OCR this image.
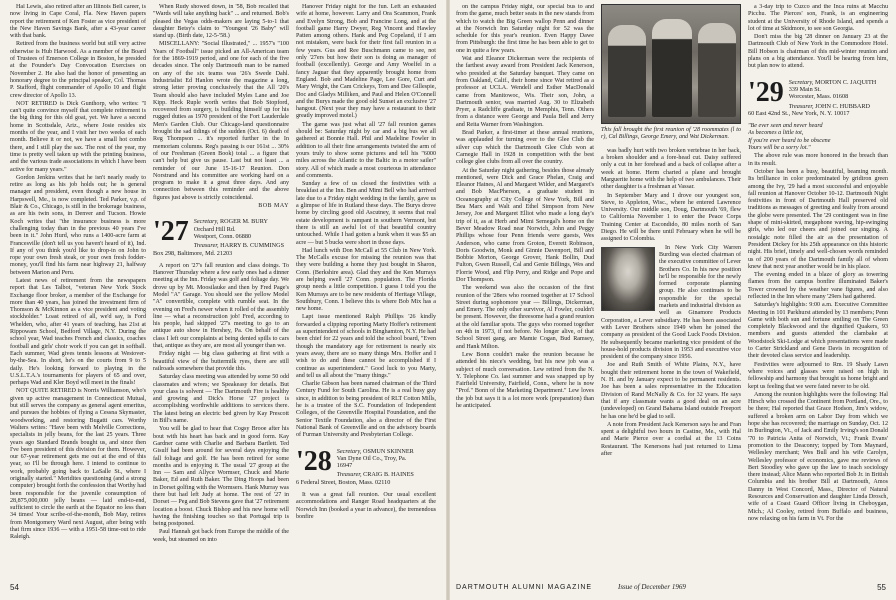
Hal Lewis, also retired after an Illinois Bell career, is now living in Cape Coral, Fla. New Haven papers report the retirement of Ken Foster as vice president of the New Haven Savings Bank, after a 43-year career with that bank.

Retired from the business world but still very active otherwise is Hub Harwood. As a member of the Board of Trustees of Emerson College in Boston, he presided at the Founder's Day Convocation Exercises on November 2. He also had the honor of presenting an honorary degree to the principal speaker, Col. Thomas P. Stafford, flight commander of Apollo 10 and flight crew director of Apollo 13.

NOT RETIRED is Dick Gunthorp, who writes: "I can't quite convince myself that complete retirement is the big thing for this old goat, yet. We have a second home in Scottsdale, Ariz., where Josie resides six months of the year, and I visit her two weeks of each month. Believe it or not, we have a small hot combo there, and I still play the sax. The rest of the year, my time is pretty well taken up with the printing business, and the various trade associations in which I have been active for many years."

Gordon Jenkins writes that he isn't nearly ready to retire as long as his job holds out; he is general manager and president, even though a new house in Harpswell, Me., is now completed. Ted Parker, v.p. of Blair & Co., Chicago, is still in the brokerage business, as are his twin sons, in Denver and Tucson. Howie Koch writes that "the insurance business is more challenging today than in the previous 40 years I've been in it." John Hurd, who runs a 1400-acre farm at Francesville (don't tell us you haven't heard of it), Ind. If any of you think you'd like to drop-in on John to rope your own fresh steak, or your own fresh fodder-money, you'll find his farm near highway 21, halfway between Marion and Peru.

Latest news of retirement from the newspapers report that Les Talbot, "veteran New York Stock Exchange floor broker, a member of the Exchange for more than 40 years, has joined the investment firm of Thomson & McKinnon as a vice president and voting stockholder." Loast retired of all, we'd say, is Ford Whelden, who, after 41 years of teaching, has 21st at Rippowam School, Bedford Village, N.Y. During the school year, Wad teaches French and classics, coaches football and girls' choir work if you can get in softball. Each summer, Wad gives tennis lessons at Westover-by-the-Sea. In short, he's on the courts from 9 to 5 daily. He's looking forward to playing in the U.S.L.T.A.'s tournaments for players of 65 and over, perhaps Wad and Kler Boyd will meet in the finals!

NOT QUITE RETIRED is Norris Williamson, who's given up active management in Connecticut Mutual, but still serves the company as general agent emeritus, and pursues the hobbies of flying a Cessna Skymaster, woodworking, and restoring Bugatti cars. Worthy Walters writes: "Have been with Melville Corrections, specialists in jelly beans, for the last 25 years. Three years ago Standard Brands bought us, and since then I've been president of this division for them. However, our 67-year retirement gets me out at the end of this year, so I'll be through here. I intend to continue to work, probably going back to LaSalle St., where I originally started." Meridites questioning (and a strong computer) brought forth the confession that Worthy had been responsible for the juvenile consumption of 28,875,000,000 jelly beans — laid end-to-end, sufficient to circle the earth at the Equator no less than 34 times! Your scribe-of-the-month, Bob May, retires from Montgomery Ward next August, after being with that firm since 1936 — with a 1951-58 time-out to ride Raleigh.

When Rudy showed down, in '58, Bob recalled that "Wards will take anything back" ... and returned. Bob's pleased the Vegas odds-makers are laying 5-to-1 that daughter Betsy's claim to "Youngest '26 Baby" will stand up. (Birth date, 12-5-'58.)

MISCELLANY: "Social Illustrated," ... 1957's "100 Years of Football" issue picked an All-American team for the 1869-1919 period, and one for each of the five decades since. The only Dartmouth man to be named on any of the six teams was '26's Swede Dahl. Industrialist Ed Hanlon wrote the magazine a long, strong letter proving conclusively that the All '20's Team should also have included Myles Lane and Joe Kipp. Heck Ruple worth writes that Bob Stopford, recovered from surgery, is building himself up for his rugged duties as 1970 president of the Fort Lauderdale Men's Garden Club. Our Chicago-land questionnaire brought the sad tidings of the sudden (Oct. 6) death of Reg Thompson ... it's reported further in the In memoriam columns. Reg's passing is our 161st ... 30% of our Freshman (Green Book) total ... a figure that can't help but give us pause. Last but not least ... a reminder of our June 15-16-17 Reunion. Don Norstrand and his committee are working hard on a program to make it a great three days. And any connection between this reminder and the above figures just above is strictly coincidental.

BOB MAY
'27 Secretary, ROGER M. BURY
Orchard Hill Rd.
Westport, Conn. 06880
Treasurer, HARRY B. CUMMINGS
Box 298, Baltimore, Md. 21203

A report on '27's fall reunion and class doings. To Hanover Thursday where a few early ones had a dinner meeting at the Inn. Friday was golf and foliage day. We drove up by Mt. Moosilauke and then by Fred Page's Model "A" Garage. You should see the yellow Model "A" convertible, complete with rumble seat. In the evening on Fred's newer when it rolled of the assembly line — what a reconstruction job! Fred, according to his people, had skipped '27's meeting to go to an antique auto show in Hershey, Pa. On behalf of the class I left our complaints at being denied spills to cars that, antique as they are, are most all younger than we.

Friday night — big class gathering at first with a beautiful view of the buttermilk ryes, there are still railroads somewhere that provide this.

Saturday class meeting was attended by some 50 odd classmates and wives; we Speakeasy for details. But your class is solvent — The Dartmouth Fire is healthy and growing and Dick's Horse '27 project is accomplishing worthwhile additions to services there. The latest being an electric bed given by Kay Prescott in Bill's name.

You will be glad to hear that Cogsy Brooe after his bout with his heart has back and in good form. Kay Gardner came with Charlie and Barbara Bartlett. Ted Gisulf had been around for several days enjoying the fall foliage and golf. He has been retired for some months and is enjoying it. The usual '27 group at the Inn — Sam and Allyce Wormser, Chuck and Marie Baker, Ed and Ruth Baker. The Ding Hoops had been in Dorset golfing with the Wormsers. Hank Murray was there but had left Judy at home. The rest of '27 in Dorset — Peg and Bob Stevens gave that '27 retirement location a boost. Chuck Bishop and his new home will having the finishing touches so that Portugal trip is being postponed.

Paul Hannah got back from Europe the middle of the week, but steamed on into

Hanover Friday night for the fun. Left an exhausted wife at home, however. Larry and Ora Scammon, Frank and Evelyn Strong, Bob and Francine Long, and at the football game Harry Dwyer, Reg Vincent and Hawley Patten among others. Hank and Peg Copeland, if I am not mistaken, were back for their first fall reunion in a few years. Gus and Ree Buschmann came to see, not only '27ers but how their son is doing as manager of football (excellently). George and Amy Woelfel in a fancy Jaguar that they apparently brought home from England. Bob and Madeline Page, Lee Gore, Curt and Mary Wright, the Cam Crickeys, Tom and Dee Gillespie, Doc and Gladys Milliken, and Paul and Helen O'Connell and the Burys made the good old Sunset an exclusive '27 hangout. (Next year they may have a restaurant to their greatly improved motel.)

The game was just what all '27 fall reunion games should be: Saturday night by car and a big bus we all gathered at Bonnie Hall. Phil and Madeline Fowler in addition to all their fine arrangements twisted the arm of yours truly to show some pictures and tell his "6000 miles across the Atlantic to the Baltic in a motor sailer" story. All of which made a most courteous in attendance and comments.

Sunday a few of us closed the festivities with a breakfast at the Inn. Ben and Mimi Bell who had arrived late due to a Friday night wedding in the family, gave us a glimpse of life in Rutland these days. The Burys drove home by circling good old Ascutney, it seems that real estate development is rampant in southern Vermont, but there is still an awful lot of that beautiful country untouched. While I had gotten a hunk when it was $5 an acre — but 5 bucks were short in those days.

Had lunch with Don McCall at 55 Club in New York. The McCalls excuse for missing the reunion was that they were building a home they just bought in Sharon, Conn. (Berkshire area). Glad they and the Ken Murrays are helping swell '27 Conn. population. The Florida group needs a little competition. I guess I told you the Ken Murrays are to be new residents of Heritage Village, Southbury, Conn. I believe this is where Bob Mix has a new home.

Lapt issue mentioned Ralph Phillips '26 kindly forwarded a clipping reporting Marty Hoffer's retirement as superintendent of schools in Binghamton, N.Y. He had been chief for 22 years and told the school board, "Even though the mandatory age for retirement is nearly six years away, there are so many things Mrs. Hoffer and I wish to do and these cannot be accomplished if I continue as superintendent." Good luck to you Marty, and tell us all about the "many things."

Charlie Gibson has been named chairman of the Third Century Fund for South Carolina. He is a real busy guy since, in addition to being president of RLT Cotton Mills, he is a trustee of the S.C. Foundation of Independent Colleges, of the Greenville Hospital Foundation, and the Senior Textile Foundation, also a director of the First National Bank of Greenville and on the advisory boards of Furman University and Presbyterian College.

'28 Secretary, OSMUN SKINNER
Van Dyne Oil Co., Troy, Pa.
16947
Treasurer, CRAIG B. HAINES
6 Federal Street, Boston, Mass. 02110

It was a great fall reunion. Our usual excellent accommodations and Ranger Road headquarters at the Norwich Inn (booked a year in advance), the tremendous bonfire

54

on the campus Friday night, our special bus to and from the game, much better seats in the new stands from which to watch the Big Green wallop Penn and dinner at the Norwich Inn Saturday night for 52 was the schedule for this year's reunion. Even Happy Dawe from Pittsburgh: the first time he has been able to get to one in quite a few years.

Wat and Eleanor Dickerman were the recipients of the farthest away award from President Jack Kenerson, who presided at the Saturday banquet. They came on from Oakland, Calif., their home since Wat retired as a professor at UCLA. Wendell and Esther MacDonald came from Manitowoc, Wis. Their son, John, a Dartmouth senior, was married Aug. 30 to Elizabeth Pryer, a Radcliffe graduate, in Memphis, Tenn. Others from a distance were George and Paula Bell and Jerry and Reita Warner from Washington.

Brad Parker, a first-timer at these annual reunions, was applauded for turning over to the Glee Club the silver cup which the Dartmouth Glee Club won at Carnegie Hall in 1928 in competition with the best college glee clubs from all over the country.

At the Saturday night gathering, besides those already mentioned, were Dick and Grace Phelan, Craig and Eleanor Haines, Al and Margaret Wilder, and Margaret's and Bob MacPherson, a graduate student in Oceanography at City College of New York, Bill and Bea Marx and Walt and Ethel Simpson from New Jersey, Joe and Margaret Elliot who made a long day's trip of it, as at Herb and Mimi Semegal's home on the Bever Meadow Road near Norwich, John and Peggy Phillips whose four Penn friends were guests, Wes Anderson, who came from Groton, Everett Robinson, Doris Goodwin, Monk and Ginnie Davenport, Bill and Bobbie Morton, George Grover, Hank Bollin, Dud Fulton, Gwen Russell, Cal and Genie Billings, Wes and Florrie Wood, and Flip Perry, and Ridge and Pope and Dor Thompson.

The weekend was also the occasion of the first reunion of the '28ers who roomed together at 17 School Street during sophomore year — Billings, Dickerman, and Emery. The only other survivor, Al Fowler, couldn't be present. However, the threesome had a grand reunion at the old familiar spots. The guys who roomed together on 4th in 1973, if not before. No longer alive, of that School Street gang, are Mamie Cogan, Bud Ramsey, and Hank Milton.

Lew Bonn couldn't make the reunion because he attended his niece's wedding, but his new job was a subject of much conversation. Lew retired from the N. Y. Telephone Co. last summer and was snapped up by Fairfield University, Fairfield, Conn., where he is now "Prof." Bonn of the Marketing Department." Lew loves the job but says it is a lot more work (preparation) than he anticipated.

This fall brought the first reunion of '28 roommates (l to r), Cal Billings, George Emery, and Wat Dickerman.

was badly hurt with two broken vertebrae in her back, a broken shoulder and a fore-head cut. Daisy suffered only a cut in her forehead and a back of collapse after a week at home. Herm charted a plane and brought Marguerite home with the help of two ambulances. Their other daughter is a freshman at Vassar.

In September Mary and I drove our youngest son, Steve, to Appleton, Wisc., where he entered Lawrence University. Our middle son, Doug, Dartmouth '69, flew to California November 1 to enter the Peace Corps Training Center at Escondido, 80 miles north of San Diego. He will be there until February when he will be assigned to Colombia.

In New York City Warren Burding was elected chairman of the executive committee of Lever Brothers Co. In his new position he'll be responsible for the newly formed corporate planning group. He also continues to be responsible for the special markets and industrial division as well as Ginamore Products Corporation, a Lever subsidiary. He has been associated with Lever Brothers since 1949 when he joined the company as president of the Good Luck Foods Division. He subsequently became marketing vice president of the house-hold products division in 1953 and executive vice president of the company since 1956.

Joe and Ruth Smith of White Plains, N.Y., have bought their retirement home in the town of Wakefield, N. H. and by January expect to be permanent residents. Joe has been a sales representative in the Education Division of Rand McNally & Co. for 32 years. He says that if any classmate wants a good deal on an acre (undeveloped) on Grand Bahama Island outside Freeport he has one he'd be glad to sell.

A note from President Jack Kenerson says he and Fran spent a delightful two hours in Castine, Me., with Hal and Marie Pierce over a cordial at the 13 Coins Restaurant. The Kenersons had just returned to Lima after

a 3-day trip to Cuzco and the Inca ruins at Macchu Picchu. The Pierces' son, Frank, is an engineering student at the University of Rhode Island, and spends a lot of time at Skidmore, to see son Georgia.

Don't miss the big '28 dinner on January 23 at the Dartmouth Club of New York in the Commodore Hotel. Bill Hobson is chairman of this mid-winter reunion and plans on a big attendance. You'll be hearing from him, but plan now to attend.

'29 Secretary, MORTON C. JAQUITH
339 Main St.
Worcester, Mass. 01608
Treasurer, JOHN C. HUBBARD
60 East 42nd St., New York, N. Y. 10017

"Be ever seen and never heard
As becomes a little tot,
If you're ever heard to be obscene
Yours will be a sorry lot."

The above rule was more honored in the breach than in its result.

October has been a busy, beautiful, beaming month. Its brilliance in color predominated by gridiron green among the Ivy, '29 had a most successful and enjoyable fall reunion at Hanover October 10-12. Dartmouth Night festivities in front of Dartmouth Hall preserved old traditions as messages of greeting and fealty from around the globe were presented. The '29 contingent was in fine shape of mini-skirted, megaphone waving, hip-swinging girls, who led our cheers and joined our singing. A nostalgic note filled the air as the presentation of President Dickey for his 25th appearance on this historic night. His brief, timely and well-chosen words reminded us of 200 years of the Dartmouth family all of whom knew that next year another would be in his place.

The evening ended in a blaze of glory as towering flames from the campus bonfire illuminated Baker's Tower crowned by the weather vane figures, and also reflected in the Inn where many '29ers had gathered.

Saturday's highlights: 9:00 a.m. Executive Committee Meeting in 101 Parkhurst attended by 13 members; Penn Game with both sun and fortune smiling on The Green completely Blackwood and the dignified Quakers, 93 members and guests attended the clambake at Woodstock Ski-Lodge at which presentations were made to Carter Strickland and Gene Davis in recognition of their devoted class service and leadership.

Festivities were adjourned to Rm. 19 Shady Lawn where voices and glasses were raised on high in fellowship and harmony that brought us home bright and kept us feeling that we were fated never to be old.

Among the reunion highlights were the following: Hal Hirsch who crossed the Continent from Portland, Ore., to be there; Hal reported that Grace Hodson, Jim's widow, suffered a broken arm on Labor Day from which we hope she has recovered; the marriage on Sunday, Oct. 12 in Burlington, Vt., of Jack and Emily Irving's son Donald '70 to Patricia Anita of Norwich, Vt.; Frank Evans' promotion to the Deaconry; topped by Tom Maynard, Wellesley merchant; Wes Bull and his wife Carolyn, Wellesley professor of economics, gave me reviews of Bert Stoodley who gave up the law to teach sociology there instead; Alice Mann who reported Bob Jr. in British Columbia and his brother Bill at Dartmouth, Amos Danny in West Concord, Mass., Director of Natural Resources and Conservation and daughter Linda Drosch, wife of a Coast Guard Officer living in Cheboygan, Mich.; Al Cooley, retired from Buffalo and business, now relaxing on his farm in Vt. For the

DARTMOUTH ALUMNI MAGAZINE	Issue of December 1969	55
